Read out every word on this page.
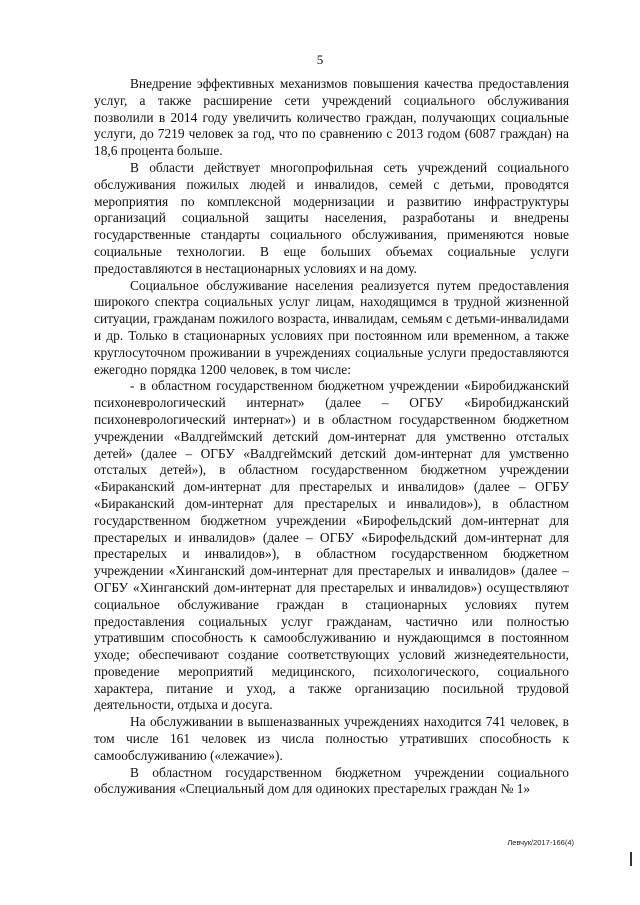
5

Внедрение эффективных механизмов повышения качества предоставления услуг, а также расширение сети учреждений социального обслуживания позволили в 2014 году увеличить количество граждан, получающих социальные услуги, до 7219 человек за год, что по сравнению с 2013 годом (6087 граждан) на 18,6 процента больше.

В области действует многопрофильная сеть учреждений социального обслуживания пожилых людей и инвалидов, семей с детьми, проводятся мероприятия по комплексной модернизации и развитию инфраструктуры организаций социальной защиты населения, разработаны и внедрены государственные стандарты социального обслуживания, применяются новые социальные технологии. В еще больших объемах социальные услуги предоставляются в нестационарных условиях и на дому.

Социальное обслуживание населения реализуется путем предоставления широкого спектра социальных услуг лицам, находящимся в трудной жизненной ситуации, гражданам пожилого возраста, инвалидам, семьям с детьми-инвалидами и др. Только в стационарных условиях при постоянном или временном, а также круглосуточном проживании в учреждениях социальные услуги предоставляются ежегодно порядка 1200 человек, в том числе:

- в областном государственном бюджетном учреждении «Биробиджанский психоневрологический интернат» (далее – ОГБУ «Биробиджанский психоневрологический интернат») и в областном государственном бюджетном учреждении «Валдгеймский детский дом-интернат для умственно отсталых детей» (далее – ОГБУ «Валдгеймский детский дом-интернат для умственно отсталых детей»), в областном государственном бюджетном учреждении «Бираканский дом-интернат для престарелых и инвалидов» (далее – ОГБУ «Бираканский дом-интернат для престарелых и инвалидов»), в областном государственном бюджетном учреждении «Бирофельдский дом-интернат для престарелых и инвалидов» (далее – ОГБУ «Бирофельдский дом-интернат для престарелых и инвалидов»), в областном государственном бюджетном учреждении «Хинганский дом-интернат для престарелых и инвалидов» (далее – ОГБУ «Хинганский дом-интернат для престарелых и инвалидов») осуществляют социальное обслуживание граждан в стационарных условиях путем предоставления социальных услуг гражданам, частично или полностью утратившим способность к самообслуживанию и нуждающимся в постоянном уходе; обеспечивают создание соответствующих условий жизнедеятельности, проведение мероприятий медицинского, психологического, социального характера, питание и уход, а также организацию посильной трудовой деятельности, отдыха и досуга.

На обслуживании в вышеназванных учреждениях находится 741 человек, в том числе 161 человек из числа полностью утративших способность к самообслуживанию («лежачие»).

В областном государственном бюджетном учреждении социального обслуживания «Специальный дом для одиноких престарелых граждан № 1»

Левчук/2017-166(4)
